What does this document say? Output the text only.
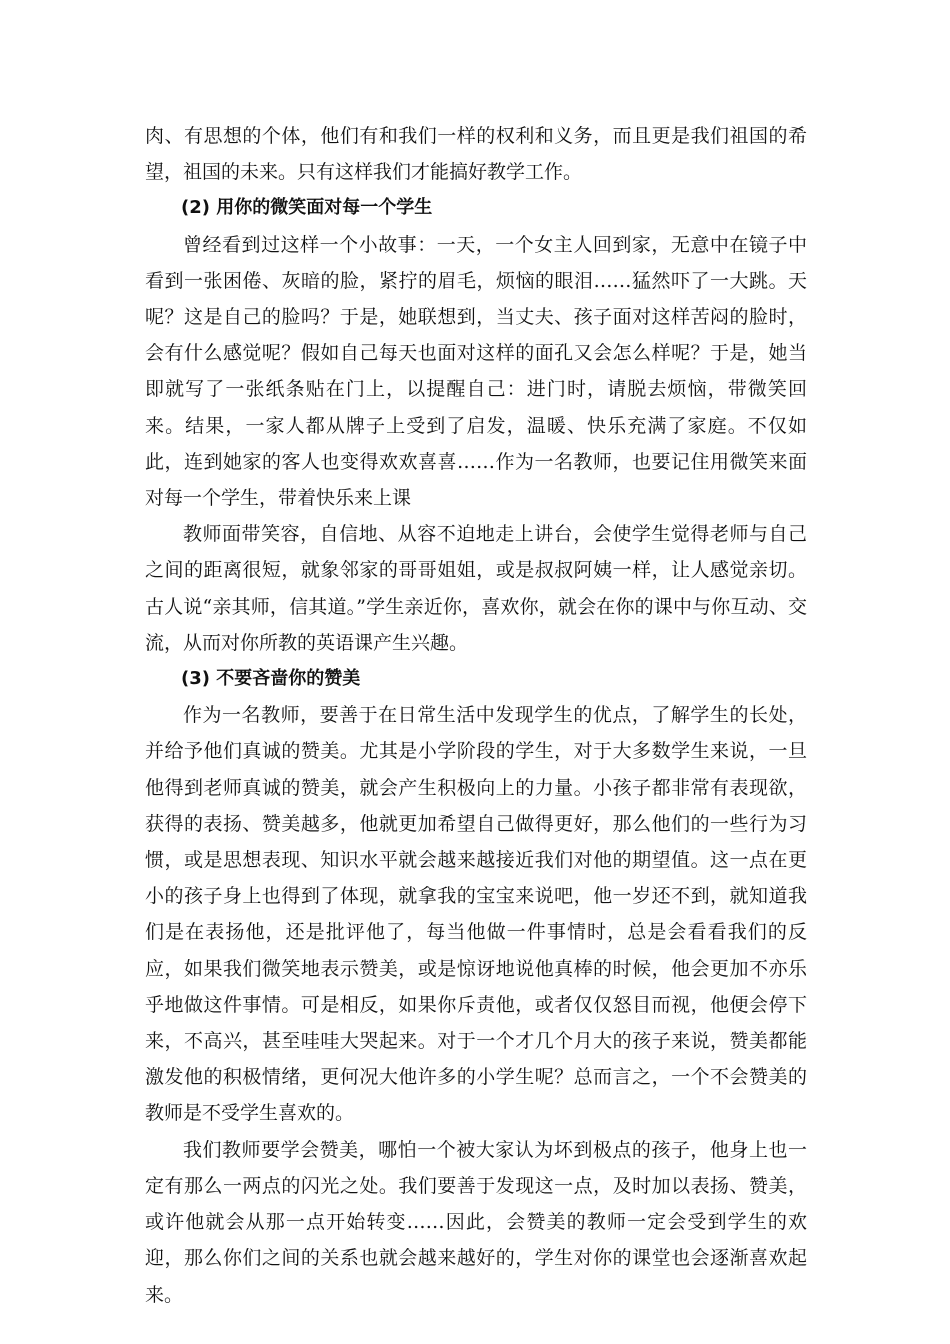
肉、有思想的个体，他们有和我们一样的权利和义务，而且更是我们祖国的希望，祖国的未来。只有这样我们才能搞好教学工作。

(2) 用你的微笑面对每一个学生

曾经看到过这样一个小故事：一天，一个女主人回到家，无意中在镜子中看到一张困倦、灰暗的脸，紧拧的眉毛，烦恼的眼泪……猛然吓了一大跳。天呢？这是自己的脸吗？于是，她联想到，当丈夫、孩子面对这样苦闷的脸时，会有什么感觉呢？假如自己每天也面对这样的面孔又会怎么样呢？于是，她当即就写了一张纸条贴在门上，以提醒自己：进门时，请脱去烦恼，带微笑回来。结果，一家人都从牌子上受到了启发，温暖、快乐充满了家庭。不仅如此，连到她家的客人也变得欢欢喜喜……作为一名教师，也要记住用微笑来面对每一个学生，带着快乐来上课

教师面带笑容，自信地、从容不迫地走上讲台，会使学生觉得老师与自己之间的距离很短，就象邻家的哥哥姐姐，或是叔叔阿姨一样，让人感觉亲切。古人说“亲其师，信其道。”学生亲近你，喜欢你，就会在你的课中与你互动、交流，从而对你所教的英语课产生兴趣。

(3) 不要吝啬你的赞美

作为一名教师，要善于在日常生活中发现学生的优点，了解学生的长处，并给予他们真诚的赞美。尤其是小学阶段的学生，对于大多数学生来说，一旦他得到老师真诚的赞美，就会产生积极向上的力量。小孩子都非常有表现欲，获得的表扬、赞美越多，他就更加希望自己做得更好，那么他们的一些行为习惯，或是思想表现、知识水平就会越来越接近我们对他的期望值。这一点在更小的孩子身上也得到了体现，就拿我的宝宝来说吧，他一岁还不到，就知道我们是在表扬他，还是批评他了，每当他做一件事情时，总是会看看我们的反应，如果我们微笑地表示赞美，或是惊讶地说他真棒的时候，他会更加不亦乐乎地做这件事情。可是相反，如果你斥责他，或者仅仅怒目而视，他便会停下来，不高兴，甚至哇哇大哭起来。对于一个才几个月大的孩子来说，赞美都能激发他的积极情绪，更何况大他许多的小学生呢？总而言之，一个不会赞美的教师是不受学生喜欢的。

我们教师要学会赞美，哪怕一个被大家认为坏到极点的孩子，他身上也一定有那么一两点的闪光之处。我们要善于发现这一点，及时加以表扬、赞美，或许他就会从那一点开始转变……因此，会赞美的教师一定会受到学生的欢迎，那么你们之间的关系也就会越来越好的，学生对你的课堂也会逐渐喜欢起来。
